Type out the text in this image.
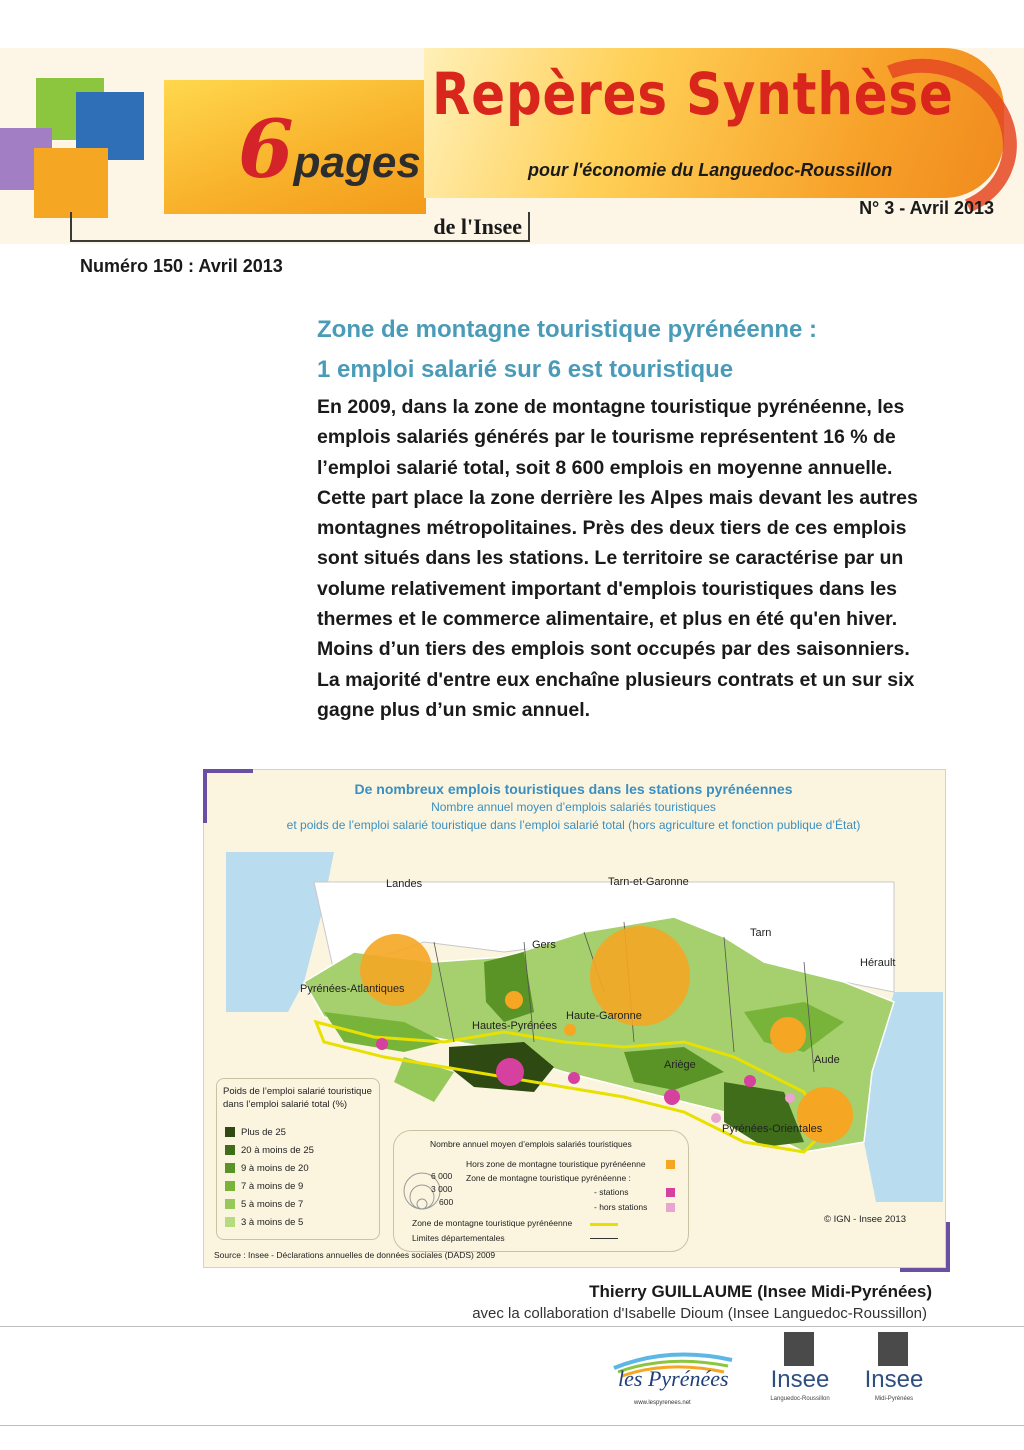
6pages
de l'Insee
Repères Synthèse
pour l'économie du Languedoc-Roussillon
N° 3 - Avril 2013
Numéro 150 : Avril 2013
Zone de montagne touristique pyrénéenne :
1 emploi salarié sur 6 est touristique
En 2009, dans la zone de montagne touristique pyrénéenne, les emplois salariés générés par le tourisme représentent 16 % de l’emploi salarié total, soit 8 600 emplois en moyenne annuelle. Cette part place la zone derrière les Alpes mais devant les autres montagnes métropolitaines. Près des deux tiers de ces emplois sont situés dans les stations. Le territoire se caractérise par un volume relativement important d'emplois touristiques dans les thermes et le commerce alimentaire, et plus en été qu'en hiver. Moins d’un tiers des emplois sont occupés par des saisonniers. La majorité d'entre eux enchaîne plusieurs contrats et un sur six gagne plus d’un smic annuel.
De nombreux emplois touristiques dans les stations pyrénéennes
Nombre annuel moyen d’emplois salariés touristiques
et poids de l’emploi salarié touristique dans l’emploi salarié total (hors agriculture et fonction publique d’État)
Landes	Tarn-et-Garonne
Gers
Tarn
Hérault
Pyrénées-Atlantiques
Hautes-Pyrénées
Haute-Garonne
Ariège	Aude
Pyrénées-Orientales
Poids de l’emploi salarié touristique dans l’emploi salarié total (%)
Plus de 25
20 à moins de 25
9 à moins de 20
7 à moins de 9
5 à moins de 7
3 à moins de 5
Nombre annuel moyen d’emplois salariés touristiques
6 000
3 000
600
Hors zone de montagne touristique pyrénéenne
Zone de montagne touristique pyrénéenne :
- stations
- hors stations
Zone de montagne touristique pyrénéenne
Limites départementales
© IGN - Insee 2013
Source : Insee - Déclarations annuelles de données sociales (DADS) 2009
Thierry GUILLAUME (Insee Midi-Pyrénées)
avec la collaboration d'Isabelle Dioum (Insee Languedoc-Roussillon)
les Pyrénées
www.lespyrenees.net
Insee
Languedoc-Roussillon
Insee
Midi-Pyrénées
